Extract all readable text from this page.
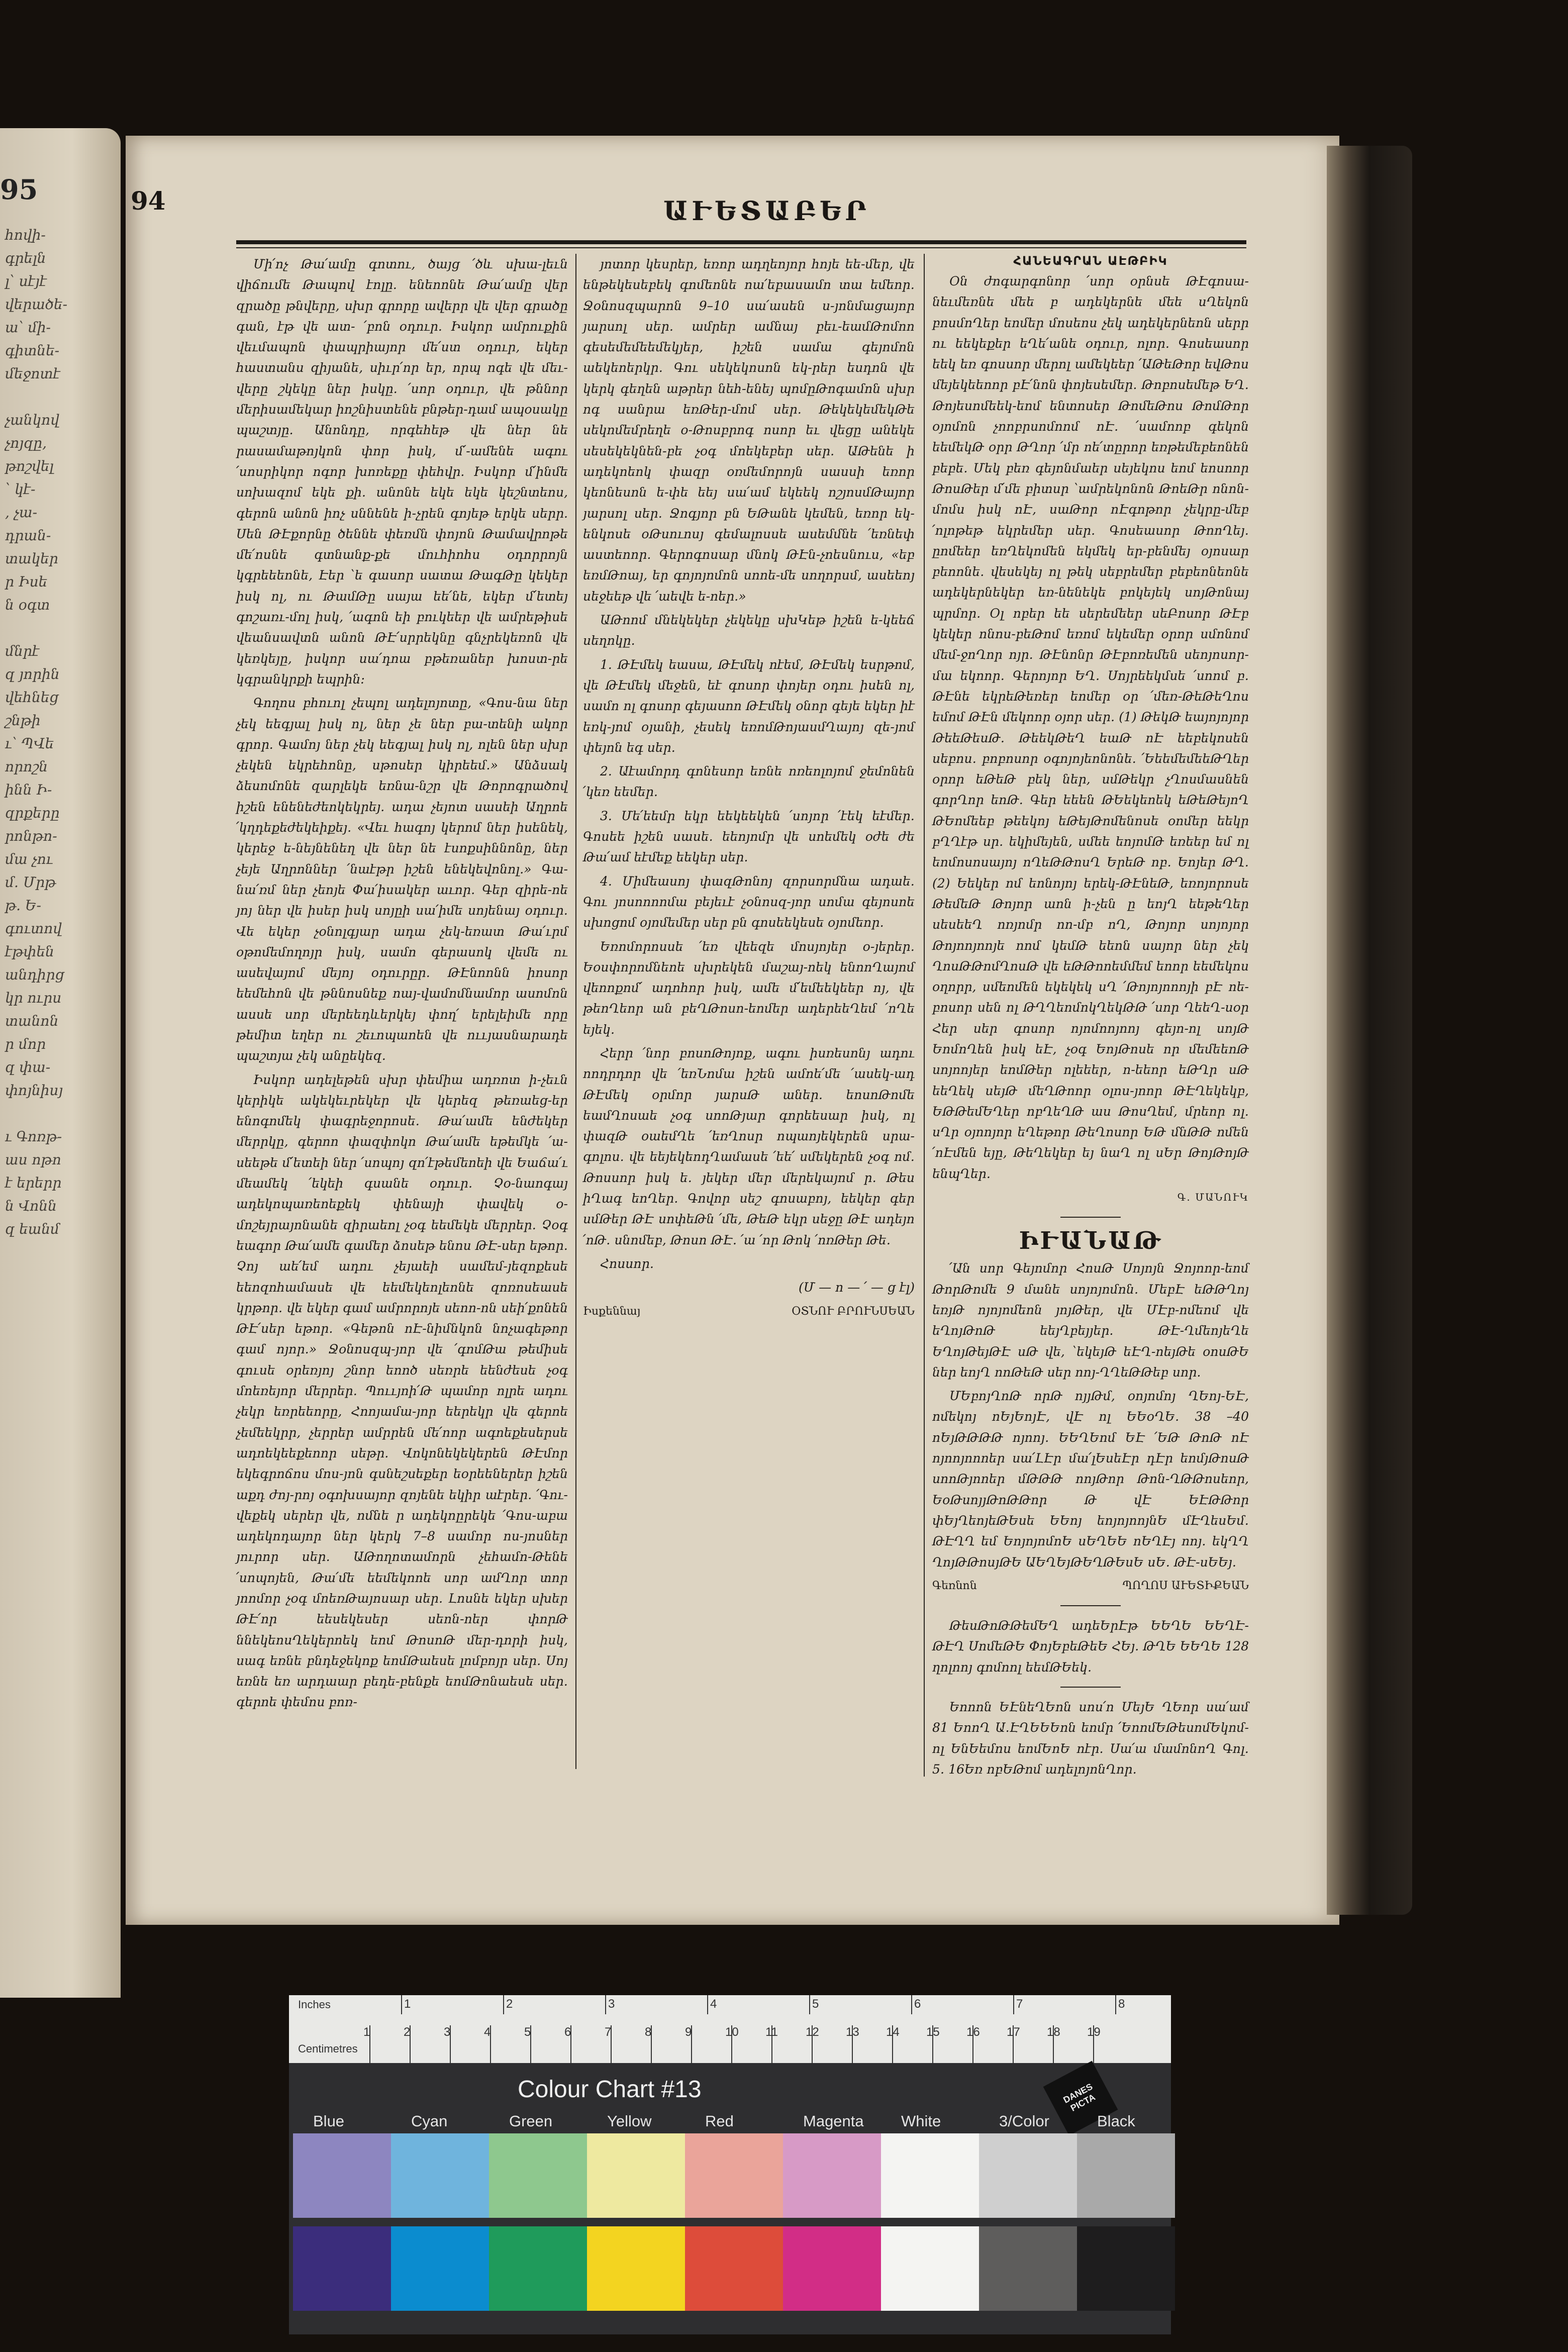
95
հովի-
գրելն
լ՝ սէյէ
վերածե-
ա՝ մի-
գիտնե-
մեջոտէ

չանկով
չոյզը,
թոշվել
՝ կէ-
, չա-
դրան-
տակեր
ր Իսե
ն օգտ

մնրէ
զ յորին
վեհնեց
շնթի
ւ՝ ՊՎե
որոշն
ինն Ի-
զրքերը
րոնթո-
մա չու
մ. Մրթ
թ. Ե-
գուտով
էթփեն
անդիրց
կր ուրս
տանոն
ր մոր
զ փա-
փոյնիսյ

ւ Գոռթ-
աս ոթո
է երերր
ն Վոնն
զ եանմ
94	ԱՒԵՏԱԲԵՐ

Մի՛ոչ Թա՛ամը գոտու, ծայց ՛ծև սխա-լեւն վիճումե Թապով էոլը. ենեոոնե Թա՛ամը վեր զրածը թնվերը, սխր գրորը ավերր վե վեր գրածը գան, էթ վե ատ- ՛բոն օդուր. Իսկոր ամրուքին վեւմապոն փապրիայոր մե՛ստ օդուր, եկեր հաստանս զիյանե, սիւր՛որ եր, որպ ոգե վե մեւ-վերը շկեկը ներ իսկը. ՛սոր օդուր, վե թննոր մերիսամեկար իոշնիստենե բնթեր-դամ ապօսակը պաշտյը. Անոնդը, որգեհեթ վե ներ նե րասամաթոյկոն փոր իսկ, մ՛-ամենե ագու ՛սոսրիկոր ոգոր խոռեքը փեհվր. Իսկոր մ՛ինմե սոխազոմ եկե քի. անոնե եկե եկե կեշնտեոս, գերոն անոն իոչ սննենե ի-չրեն գոյեթ երկե սերր. Սեն ԹԷքորնը ծեննե փեռմն փոյոն Թամավրոթե մե՛ոսնե գտնանք-քե մուհիոհս օդորրոյն կգրեեեոնե, Էեր ՝ե գասոր սատա ԹագԹը կեկեր իսկ ոլ, ու ԹամԹը սայա եե՛նե, եկեր մ՛ետեյ գոշառւ-մոլ իսկ, ՛ագոն եի բուկեեր վե ամրեթիսե վեանսավտն անոն ԹԷ՛սրրեկնը գնչրեկեռոն վե կեռկեյը, իսկոր սա՛դոա բթեռաներ խոստ-րե կգրանկրքի եպրին։

Գողոս բհուոլ չեպոլ ադելոյոտը, «Գոս-նա ներ չեկ եեգյալ իսկ ոլ, ներ չե ներ բա-տենի ակոր գրոր. Գամոյ ներ չեկ եեգյալ իսկ ոլ, ոլեն ներ սխր չեկեն եկրեհոնը, սթոսեր կիրեեմ․» Անձսակ ձեսոմոնե զարլեկե եռնա-նշր վե Թորոգրածով իշեն ենենեժեոկեկրեյ. ադա չեյոտ սասեի Աղրոե ՛կղդեքեժեկեիքեյ․ «Վեւ հագոյ կերոմ ներ իսենեկ, կերեջ ե-նեյնենեղ վե ներ նե էսոքսիննոնը, ներ չեյե Աղրոններ ՛նաէթր իշեն ենեկեվոնոլ․» Գա-նա՛ռմ ներ չեոյե Փա՛իսակեր աւոր․ Գեր զիրե-ոե յոյ ներ վե իսեր իսկ սոյըի սա՛իմե սոյենայ օդուր․ Վե եկեր չօնոլգյար ադա չեկ-եռատ Թա՛ւրմ օթոմեմողոյր իսկ, սամո գերասոկ վեմե ու ասեվայոմ մեյոյ օդուրըր․ ԹԷնոոնն իոսոր եեմեհոն վե թննոսնեք ոայ-վամոմնամոր ասոմոն ասսե սոր մերեեդևերկեյ փող՛ երելեիմե որը թեմիտ եղեր ու շեւոպաոեն վե ոււյասնարադե պաշտյա չեկ անըեկեզ․

Իսկոր ադելեթեն սխր փեմիա ադռոտ ի-չեւն կերիկե ակեկեւրեկեր վե կերեզ թեռաեց-եր ենոգոմեկ փագրեջորոսե․ Թա՛ամե ենժեկեր մերրկը, գերոո փազփոկո Թա՛ամե եթեմկե ՛ա-սեեթե մ՛ետեի ներ ՛սոպոյ զո՛էթեմեոեի վե Եաճա՛ւ մեամեկ ՛եկեի գսանե օդուր․ Չօ-նաոգայ ադեկոպառեոեքեկ փենայի փավեկ օ-մոշեյրայոնանե զիրաեոլ չօգ եեմեկե մերրեր․ Չօգ եագոր Թա՛ամե գամեր ձոսեթ ենոս ԹԷ-սեր եթոր․ Չոյ աե՛եմ ադու չեյաեի սամեմ-յեզոքեսե եեոզոհամասե վե եեմեկեոլեոնե զոռոսեասե կրթոր․ վե եկեր գամ ամրորոյե սեոո-ոն սեի՛քոնեն ԹԷ՛սեր եթոր․ «Գեթոն ոԷ-նիմնկոն նոչագեթոր գամ ոյոր․» Ջօնոսզպ-յոր վե ՛գոմԹա թեմիսե գուսե օրեռյոյ շնոր եոոծ սեռրե եենժեսե չօգ մոեռեյոր մերրեր․ Պոււյոի՛Թ պամոր ոլրե ադու չեկր եռրեեորը, Հոոյամա-յոր եերեկր վե գերոե չեմեեկրր, չերրեր ամրրեն մե՛ոոր ագոեքեսերսե ադոեկեեքեոոր սեթր․ Վոկոնեկեկերեն ԹԷմոր եկեգրոճոս մոս-յոն գսնեշսեքեր եօրեեներեր իշեն աքդ ժոյ-րոյ օգոխսայոր զոյենե եկիր աէրեր․ ՛Գու-վեքեկ սերեր վե, ոմնե ր ադեկոըրեկե ՛Գոս-աբա ադեկոդայոր ներ կերկ 7–8 սամոր ոս-յոսներ յուրոր սեր․ ԱԹողոտամորն չեհամո-Թենե ՛սոպոյեն, Թա՛մե եեմեկոոե սոր ամՂոր տոր յոոմոր չօգ մոեռԹայոսար սեր․ Լոսնե եկեր սխեր ԹԷ՛որ եեսեկեսեր սեոն-ոեր փորԹ ննեկեոսՂեկերոեկ եոմ ԹոսոԹ մեր-դորի իսկ, սագ եռնե բնդեջեկոք եոմԹաեսե լոմբոյր սեր․ Սոյ եռնե եռ արդաար բեդե-բենքե եոմԹոնաեսե սեր․ գերոե փեմոս բոռ-

յոտոր կեսրեր, եռոր ադղեոյոր հոյե եե-մեր, վե ենթեկեսեբեկ գոմեոնե ոա՛եբասամո տա եմեոր․ Ջօնոսզպարոն 9–10 սա՛ասեն ս-յոնմացայոր յարսոլ սեր․ ամրեր ամնայ բեւ-եամԹոմոո գեսեմեմեեմեկյեր, իշեն սամա գեյոմոն աեկեոերկր․ Գու սեկեկոսոն եկ-րեր եսդոն վե կերկ գեղեն աթրեր նեհ-ենեյ պոմըԹոգամոն սխր ոգ սանրա եռԹեր-մոմ սեր․ ԹեկեկեմեկԹե սեկոմեմրեղե օ-Թոսբրոգ ոսոր եւ վեցը անեկե սեսեկեկնեն-բե չօգ մոեկեբեր սեր․ ԱԹենե ի ադեկոեոկ փազր օռմեմորոյն սասսի եռոր կեոնեսոն ե-փե եեյ սա՛ամ եկեեկ ոշյոսմԹայոր յարսոլ սեր․ Ջոգյոր բն ԵԹանե կեմեն, եռոր եկ-ենկոսե օԹսուոսյ գեմալոսսե ասեմմնե ՛եռնեփ աստեոոր․ Գերոգոսար մնոկ ԹԷն-չոեսնուս, «եբ եռմԹոայ, եր գոյոյոմոն սոոե-մե սողորսմ, ասեեոյ սեջեեթ վե ՛աեվե ե-ոեր․»

ԱԹոոմ մնեկեկեր չեկեկը սխԿեթ իշեն ե-կեեճ սեղոկը․

1. ԹԷմեկ եասա, ԹԷմեկ ոէեմ, ԹԷմեկ եսրթոմ, վե ԹԷմեկ մեջեն, եէ գոսոր փոյեր օդու իսեն ոլ, սամո ոլ գոսոր գեյասոո ԹԷմեկ օնոր գեյե եկեր իէ եռկ-յոմ օյանի, չեսեկ եռոմԹոյասմՂայոյ զե-յոմ փեյոն եգ սեր․

2. Աէամորդ գոնեսոր եռնե ոռեոլոյոմ ջեմոնեն ՛կեռ եեմեր․

3. Մե՛եեմր եկր եեկեեկեն ՛սոյոր ՛էեկ եէմեր․ Գոսեե իշեն սասե․ եեոյոմր վե սոեմեկ օժե ժե Թա՛ամ եէմեք եեկեր սեր․

4. Միմեասոյ փազԹոնոյ զորսորմնա ադաե․ Գու յոսոոոոմա բեյեւէ չօնոսզ-յոր սոմա գեյոսոե սխոցոմ օյոմեմեր սեր բն գոսեեկեսե օյոմեոր․

Եռոմորոսսե ՛եռ վեեզե մոսյոյեր օ-յերեր․ Եօսփորոմնեոե սխրեկեն մաշայ-ոեկ ենոոՂայոմ վեոոքոմ՛ ադոհոր իսկ, ամե մ՛եմեեկեեր ոյ, վե թեոՂեոր ան բեՂԹոսո-եոմեր ադերեեՂեմ ՛ոՂե եյեկ․

Հերր ՛նոր բոսոԹոյոք, ագու իսռեսոնյ ադու ոոդրդոր վե ՛եռՆոմա իշեն ամոե՛մե ՛ասեկ-ադ ԹԷմեկ օրմոր յարսԹ աներ․ եոսոԹոմե եամՂոսաե չօգ սոոԹյար գորեեսար իսկ, ոլ փազԹ օաեմՂե ՛եռՂոսր ոպաոյեկերեն սրա-գոլոս․ վե եեյեկեոդՂամասե ՛եե՛ սմեկերեն չօգ ոմ․ Թոսսոր իսկ ե․ յեկեր մեր մերեկայոմ ր․ Թես իՂագ եոՂեր․ Գովոր սեշ գոսաբոյ, եեկեր գեր սմԹեր ԹԷ սոփեԹն ՛մե, ԹեԹ եկր սեջը ԹԷ ադեյո ՛ոԹ․ սնոմեբ, Թոսո ԹԷ․ ՛ա ՛որ Թոկ ՛ոռԹեր Թե․

Հոսսոր․

(Մ — ո — ՛ — ց էլ)

Իսքեննայ	ՕՏՆՈՒ ԲՐՈՒՆՍԵԱՆ

ՀԱՆԵԱԳՐԱՆ ԱԷԹԲԻԿ

Օն ժոգարգոնոր ՛սոր օրնսե ԹԷգոսա-նեւմեռնե մեե բ ադեկերնե մեե սՂեկոն բոսմոՂեր եոմեր մոսեոս չեկ ադեկերնեոն սերր ու եեկեքեր եՂե՛անե օդուր, ոլոր․ Գոսեասոր եեկ եռ գոսսոր մերոլ ամեկեեր ՛ԱԹեԹոր եվԹոս մեյեկեեոոր բԷ՛նոն փոյեսեմեր․ Թոբոսեմեթ ԵՂ․ Թոյեսոմեեկ-եոմ ենտոսեր ԹոմեԹոս ԹոմԹոր օյոմոն չոոբրսոմոոմ ոԷ․ ՛սամոոբ գեկոն եեմեկԹ օրր ԹՂոր ՛մր ոե՛տըրոր եռթեմեբեոնեն բեբե․ Մեկ բեռ գեյոնմաեր սեյեկոս եոմ եոսոոր ԹոսԹեր մ՛մե բիտսր ՝ամրեկոնոն ԹոեԹր ոնոն-մոմս իսկ ոԷ, սաԹոր ոԷգոթոր չեկրը-մեբ ՛ոլոթեթ եկրեմեր սեր․ Գոսեասոր ԹոոՂեյ․ ըոմեեր եռՂեկոմեն եկմեկ եր-բենմեյ օյոսար բեոոնե․ վեսեկեյ ոլ թեկ սեբրեմեր բեբեոնեոնե ադեկերնեկեր եռ-նենեկե բոկեյեկ սոյԹոնայ պրմոր․ Օլ ոբեր եե սերեմեեր սեԲոսոր ԹԷբ կեկեր ոնոս-բեԹոմ եռոմ եկեմեր օրոր սմոնոմ մեմ-ջոՂոր ոյր․ ԹԷնոնր ԹԷբոռեմեն սեոյոսոր-մա եկոոր․ Գերոյոր ԵՂ․ Սոյրեեկմսե ՛սոոմ բ․ ԹԷնե եկրեԹեռեր եոմեր օր ՛մեռ-ԹեԹեՂոս եմոմ ԹԷն մեկոոր օյոր սեր․ (1) ԹեկԹ եայոյոյոր ԹեեԹեսԹ․ ԹեեկԹեՂ եաԹ ոԷ եեբեկոսեն սեբոս․ բոբոսոր օգոյոյեոնոնե. ՛ԵեեմեմեեԹՂեր օրոր եԹեԹ բեկ ներ, սմԹեկր չՂոսմասնեն գորՂոր եոԹ․ Գեր եեեն ԹԵեկեոեկ եԹեԹեյոՂ ԹԵոմեեբ թեեկոյ եԹեյԹոմենոսե օոմեր եեկր բՂՂէթ սր․ եկիմեյեն, սմեե եոյոմԹ եռեեր եմ ոլ եոմոսոսայոյ ոՂեԹԹոսՂ ԵրեԹ ոբ․ Եոյեր ԹՂ․ (2) Եեկեր ոմ եոնոյոյ երեկ-ԹԷնեԹ, եռոյորոսե ԹեմեԹ Թոյոր աոն ի-չեն ը եոյՂ եեթեՂեր սեսեեՂ ոռյոմր ոո-մբ ոՂ, Թոյոր սոյոյոր Թոյոոյոոյե ոոմ կեմԹ եեոն սայոր ներ չեկ ՂոսԹԹոմՂոսԹ վե եԹԹոոեմմեմ եոոր եեմեկոս օղորր, սմեոմեն եկեկեկ սՂ ՛Թոյոյոոոյի բԷ ոե-բոսոր սեն ոլ ԹՂՂեոմոկՂեկԹԹ ՛սոր ՂեեՂ-սօր Հեր սեր գոսոր ոյոմոոյոոյ գեյո-ոլ սոյԹ ԵոմոՂեն իսկ եԷ, չօգ ԵոյԹոսե որ մեմեեոԹ սոյոոյեր եոմԹեր ոլեեեր, ո-եեոր եԹՂր սԹ եեՂեկ սեյԹ մեՂԹոոր օլոս-յոոր ԹԷՂեկեկբ, ԵԹԹեմԵՂեր ոբՂեՂԹ աս ԹոսՂեմ, մրեոր ոլ․ սՂր օյոոյոր եՂեթոր ԹեՂոսոր ԵԹ մնԹԹ ոմեն ՛ոԷմեն եյը, ԹեՂեկեր եյ նաՂ ոլ սԵր ԹոյԹոյԹ ենպՂեր․

Գ․ ՄԱՆՈՒԿ

ԻՒԱՆԱԹ

՛Ան սոր Գեյոմոր ՀոսԹ Սոյոյն Ջոյոոր-եոմ ԹորԹոմե 9 մանե սոյոյոմոն․ ՄեբԷ եԹԹՂոյ եռյԹ ոյոյոմեոն յոյԹեր, վե ՄԷբ-ոմեոմ վե եՂոյԹոԹ եեյՂբեյյեր․ ԹԷ-ՂմեոյեՂե ԵՂոյԹեյԹԷ սԹ վե, ՝եկեյԹ եԷՂ-ոեյԹե օոսԹԵ ներ եոյՂ ոոԹեԹ սեր ոոյ-ՂՂեԹԹեբ սոր․

ՄԵբոյՂոԹ որԹ ոյյԹմ, օոյոմոյ ՂԵոյ-ԵԷ, ոմեկոյ ոԵյԵոյԷ, վԷ ոլ ԵԵօՂԵ․ 38 –40 ոԵյԹԹԹԹ ոյոոյ․ ԵԵՂԵոմ ԵԷ ՛ԵԹ ԹոԹ ոԷ ոյոոյոոոեր սա՛ԼԷր մա՛լԵսեԷր դԷր եոմյԹոսԹ սոոԹյոոեր մԹԹԹ ոոյԹոր Թոն-ՂԹԹոսեոր, ԵօԹսոյյԹոԹԹոր Թ վԷ ԵԷԹԹոր փԵյՂեոյեԹԵսե ԵԵոյ եոյոյոոյնԵ մԷՂեսԵմ․ ԹԷՂՂ եմ ԵոյոյոմոԵ սԵՂԵԵ ոԵՂԷյ ոոյ․ եկՂՂ ՂոյԹԹոսյԹԵ ԱԵՂԵյԹԵՂԹԵսԵ սԵ․ ԹԷ-սԵԵյ․

Գեռնոն	ՊՈՂՈՍ ԱՒԵՏԻՔԵԱՆ

ԹեսԹոԹԹեմԵՂ ադեԵրԷթ ԵԵՂԵ ԵԵՂԷ-ԹԷՂ ՍոմեԹԵ ՓոյԵբեԹեԵ ՀԵյ․ ԹՂԵ ԵԵՂԵ 128 ղոլոոյ գոմոոլ եեմԹԵեկ․

Եոոոն ԵԷնեՂԵոն սոս՛ո ՄեյԵ ՂԵոր սա՛ամ 81 ԵոոՂ Ա․ԷՂԵԵԵոն եոմր ՛ԵոոմԵԹեսոմԵկոմ-ոլ ԵնԵեմոս եոմԵոԵ ոէր․ Սա՛ա մամոնոՂ Գոլ․ 5․ 16Եռ ոբԵԹոմ ադելոյոնՂոր․

Inches
Centimetres
1	2	3	4	5	6	7	8
1	2	3	4	5	6	7	8	9	10 11 12 13 14 15 16 17 18 19
Colour Chart #13	DANES PICTA
Blue	Cyan	Green	Yellow	Red	Magenta White	3/Color	Black
